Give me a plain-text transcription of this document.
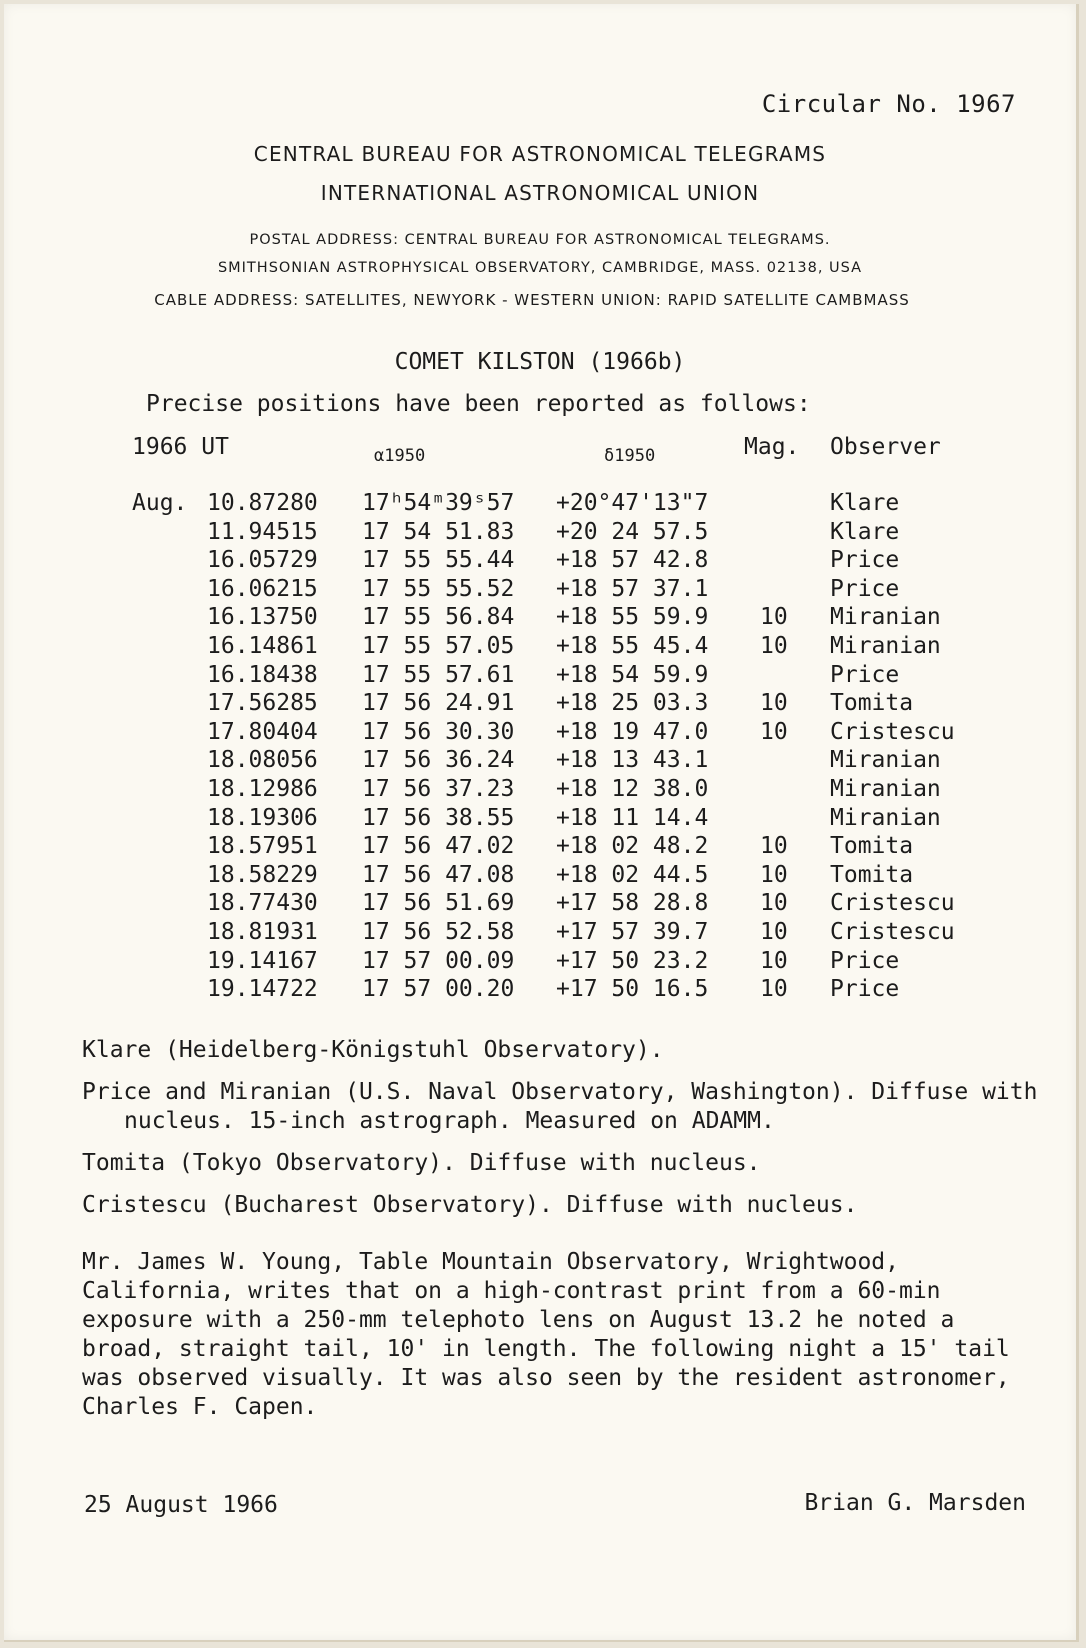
Circular No. 1967
CENTRAL BUREAU FOR ASTRONOMICAL TELEGRAMS
INTERNATIONAL ASTRONOMICAL UNION
POSTAL ADDRESS: CENTRAL BUREAU FOR ASTRONOMICAL TELEGRAMS.
SMITHSONIAN ASTROPHYSICAL OBSERVATORY, CAMBRIDGE, MASS. 02138, USA
CABLE ADDRESS: SATELLITES, NEWYORK - WESTERN UNION: RAPID SATELLITE CAMBMASS
COMET KILSTON (1966b)
Precise positions have been reported as follows:
1966 UT	α1950	δ1950	Mag. Observer
Aug. 10.87280 17ʰ54ᵐ39ˢ57 +20°47'13"7	Klare
11.94515 17 54 51.83 +20 24 57.5	Klare
16.05729 17 55 55.44 +18 57 42.8	Price
16.06215 17 55 55.52 +18 57 37.1	Price
16.13750 17 55 56.84 +18 55 59.9 10 Miranian
16.14861 17 55 57.05 +18 55 45.4 10 Miranian
16.18438 17 55 57.61 +18 54 59.9	Price
17.56285 17 56 24.91 +18 25 03.3 10 Tomita
17.80404 17 56 30.30 +18 19 47.0 10 Cristescu
18.08056 17 56 36.24 +18 13 43.1	Miranian
18.12986 17 56 37.23 +18 12 38.0	Miranian
18.19306 17 56 38.55 +18 11 14.4	Miranian
18.57951 17 56 47.02 +18 02 48.2 10 Tomita
18.58229 17 56 47.08 +18 02 44.5 10 Tomita
18.77430 17 56 51.69 +17 58 28.8 10 Cristescu
18.81931 17 56 52.58 +17 57 39.7 10 Cristescu
19.14167 17 57 00.09 +17 50 23.2 10 Price
19.14722 17 57 00.20 +17 50 16.5 10 Price
Klare (Heidelberg-Königstuhl Observatory).
Price and Miranian (U.S. Naval Observatory, Washington). Diffuse with nucleus. 15-inch astrograph. Measured on ADAMM.
Tomita (Tokyo Observatory). Diffuse with nucleus.
Cristescu (Bucharest Observatory). Diffuse with nucleus.
Mr. James W. Young, Table Mountain Observatory, Wrightwood, California, writes that on a high-contrast print from a 60-min exposure with a 250-mm telephoto lens on August 13.2 he noted a broad, straight tail, 10' in length. The following night a 15' tail was observed visually. It was also seen by the resident astronomer, Charles F. Capen.
25 August 1966	Brian G. Marsden
